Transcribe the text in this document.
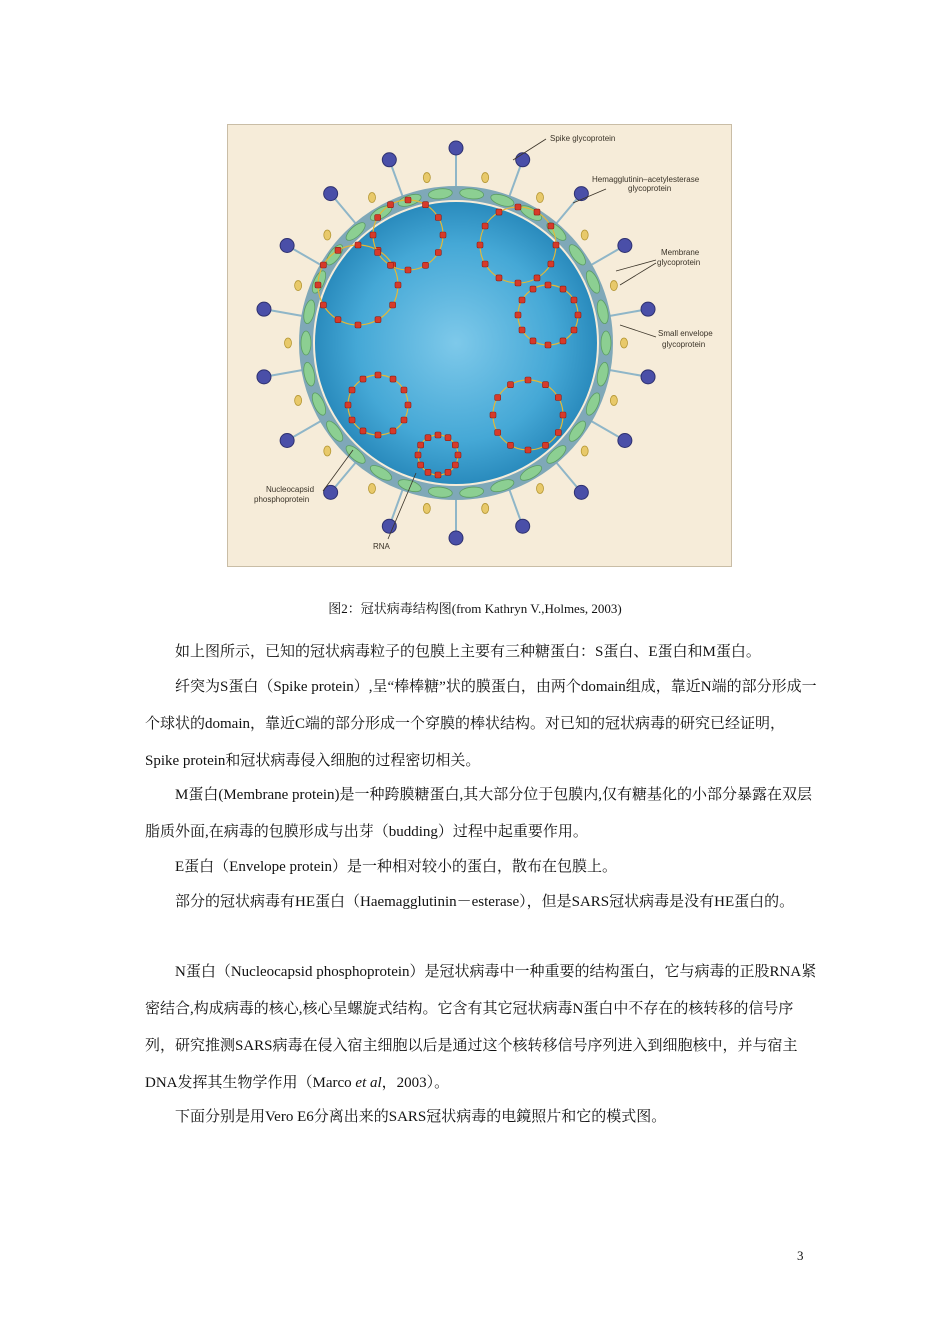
Spike glycoprotein
Hemagglutinin–acetylesterase
glycoprotein
Membrane
glycoprotein
Small envelope
glycoprotein
Nucleocapsid
phosphoprotein
RNA
图2：冠状病毒结构图(from Kathryn V.,Holmes, 2003)

如上图所示，已知的冠状病毒粒子的包膜上主要有三种糖蛋白：S蛋白、E蛋白和M蛋白。

纤突为S蛋白（Spike protein）,呈“棒棒糖”状的膜蛋白，由两个domain组成，靠近N端的部分形成一个球状的domain，靠近C端的部分形成一个穿膜的棒状结构。对已知的冠状病毒的研究已经证明，Spike protein和冠状病毒侵入细胞的过程密切相关。

M蛋白(Membrane protein)是一种跨膜糖蛋白,其大部分位于包膜内,仅有糖基化的小部分暴露在双层脂质外面,在病毒的包膜形成与出芽（budding）过程中起重要作用。

E蛋白（Envelope protein）是一种相对较小的蛋白，散布在包膜上。

部分的冠状病毒有HE蛋白（Haemagglutinin－esterase），但是SARS冠状病毒是没有HE蛋白的。

N蛋白（Nucleocapsid phosphoprotein）是冠状病毒中一种重要的结构蛋白，它与病毒的正股RNA紧密结合,构成病毒的核心,核心呈螺旋式结构。它含有其它冠状病毒N蛋白中不存在的核转移的信号序列，研究推测SARS病毒在侵入宿主细胞以后是通过这个核转移信号序列进入到细胞核中，并与宿主DNA发挥其生物学作用（Marco et al，2003）。

下面分别是用Vero E6分离出来的SARS冠状病毒的电鏡照片和它的模式图。

3
